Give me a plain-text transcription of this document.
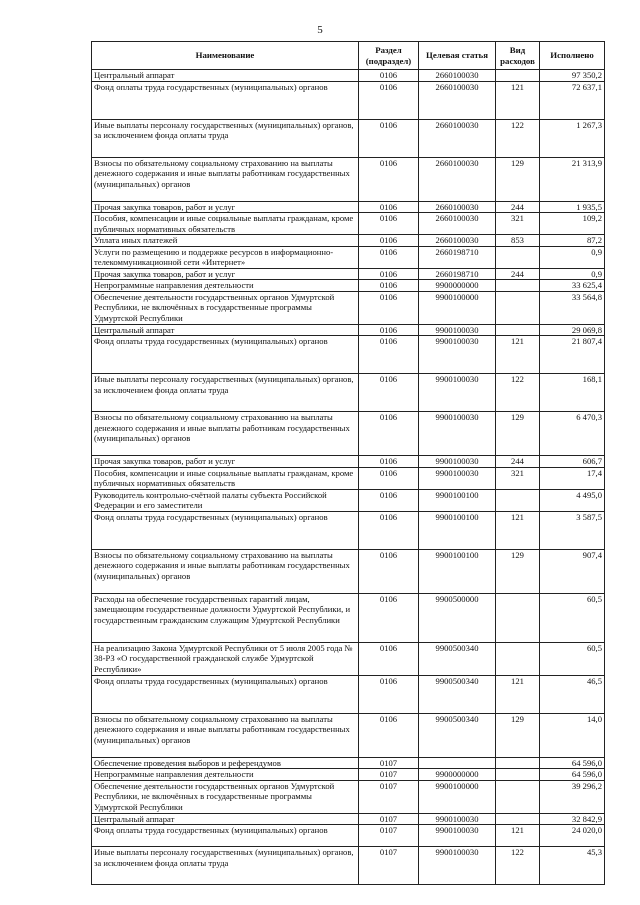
5
Наименование	Раздел (подраздел)	Целевая статья	Вид расходов	Исполнено
Центральный аппарат	0106	2660100030		97 350,2
Фонд оплаты труда государственных (муниципальных) органов	0106	2660100030	121	72 637,1
Иные выплаты персоналу государственных (муниципальных) органов, за исключением фонда оплаты труда	0106	2660100030	122	1 267,3
Взносы по обязательному социальному страхованию на выплаты денежного содержания и иные выплаты работникам государственных (муниципальных) органов	0106	2660100030	129	21 313,9
Прочая закупка товаров, работ и услуг	0106	2660100030	244	1 935,5
Пособия, компенсации и иные социальные выплаты гражданам, кроме публичных нормативных обязательств	0106	2660100030	321	109,2
Уплата иных платежей	0106	2660100030	853	87,2
Услуги по размещению и поддержке ресурсов в информационно-телекоммуникационной сети «Интернет»	0106	2660198710		0,9
Прочая закупка товаров, работ и услуг	0106	2660198710	244	0,9
Непрограммные направления деятельности	0106	9900000000		33 625,4
Обеспечение деятельности государственных органов Удмуртской Республики, не включённых в государственные программы Удмуртской Республики	0106	9900100000		33 564,8
Центральный аппарат	0106	9900100030		29 069,8
Фонд оплаты труда государственных (муниципальных) органов	0106	9900100030	121	21 807,4
Иные выплаты персоналу государственных (муниципальных) органов, за исключением фонда оплаты труда	0106	9900100030	122	168,1
Взносы по обязательному социальному страхованию на выплаты денежного содержания и иные выплаты работникам государственных (муниципальных) органов	0106	9900100030	129	6 470,3
Прочая закупка товаров, работ и услуг	0106	9900100030	244	606,7
Пособия, компенсации и иные социальные выплаты гражданам, кроме публичных нормативных обязательств	0106	9900100030	321	17,4
Руководитель контрольно-счётной палаты субъекта Российской Федерации и его заместители	0106	9900100100		4 495,0
Фонд оплаты труда государственных (муниципальных) органов	0106	9900100100	121	3 587,5
Взносы по обязательному социальному страхованию на выплаты денежного содержания и иные выплаты работникам государственных (муниципальных) органов	0106	9900100100	129	907,4
Расходы на обеспечение государственных гарантий лицам, замещающим государственные должности Удмуртской Республики, и государственным гражданским служащим Удмуртской Республики	0106	9900500000		60,5
На реализацию Закона Удмуртской Республики от 5 июля 2005 года № 38-РЗ «О государственной гражданской службе Удмуртской Республики»	0106	9900500340		60,5
Фонд оплаты труда государственных (муниципальных) органов	0106	9900500340	121	46,5
Взносы по обязательному социальному страхованию на выплаты денежного содержания и иные выплаты работникам государственных (муниципальных) органов	0106	9900500340	129	14,0
Обеспечение проведения выборов и референдумов	0107			64 596,0
Непрограммные направления деятельности	0107	9900000000		64 596,0
Обеспечение деятельности государственных органов Удмуртской Республики, не включённых в государственные программы Удмуртской Республики	0107	9900100000		39 296,2
Центральный аппарат	0107	9900100030		32 842,9
Фонд оплаты труда государственных (муниципальных) органов	0107	9900100030	121	24 020,0
Иные выплаты персоналу государственных (муниципальных) органов, за исключением фонда оплаты труда	0107	9900100030	122	45,3
